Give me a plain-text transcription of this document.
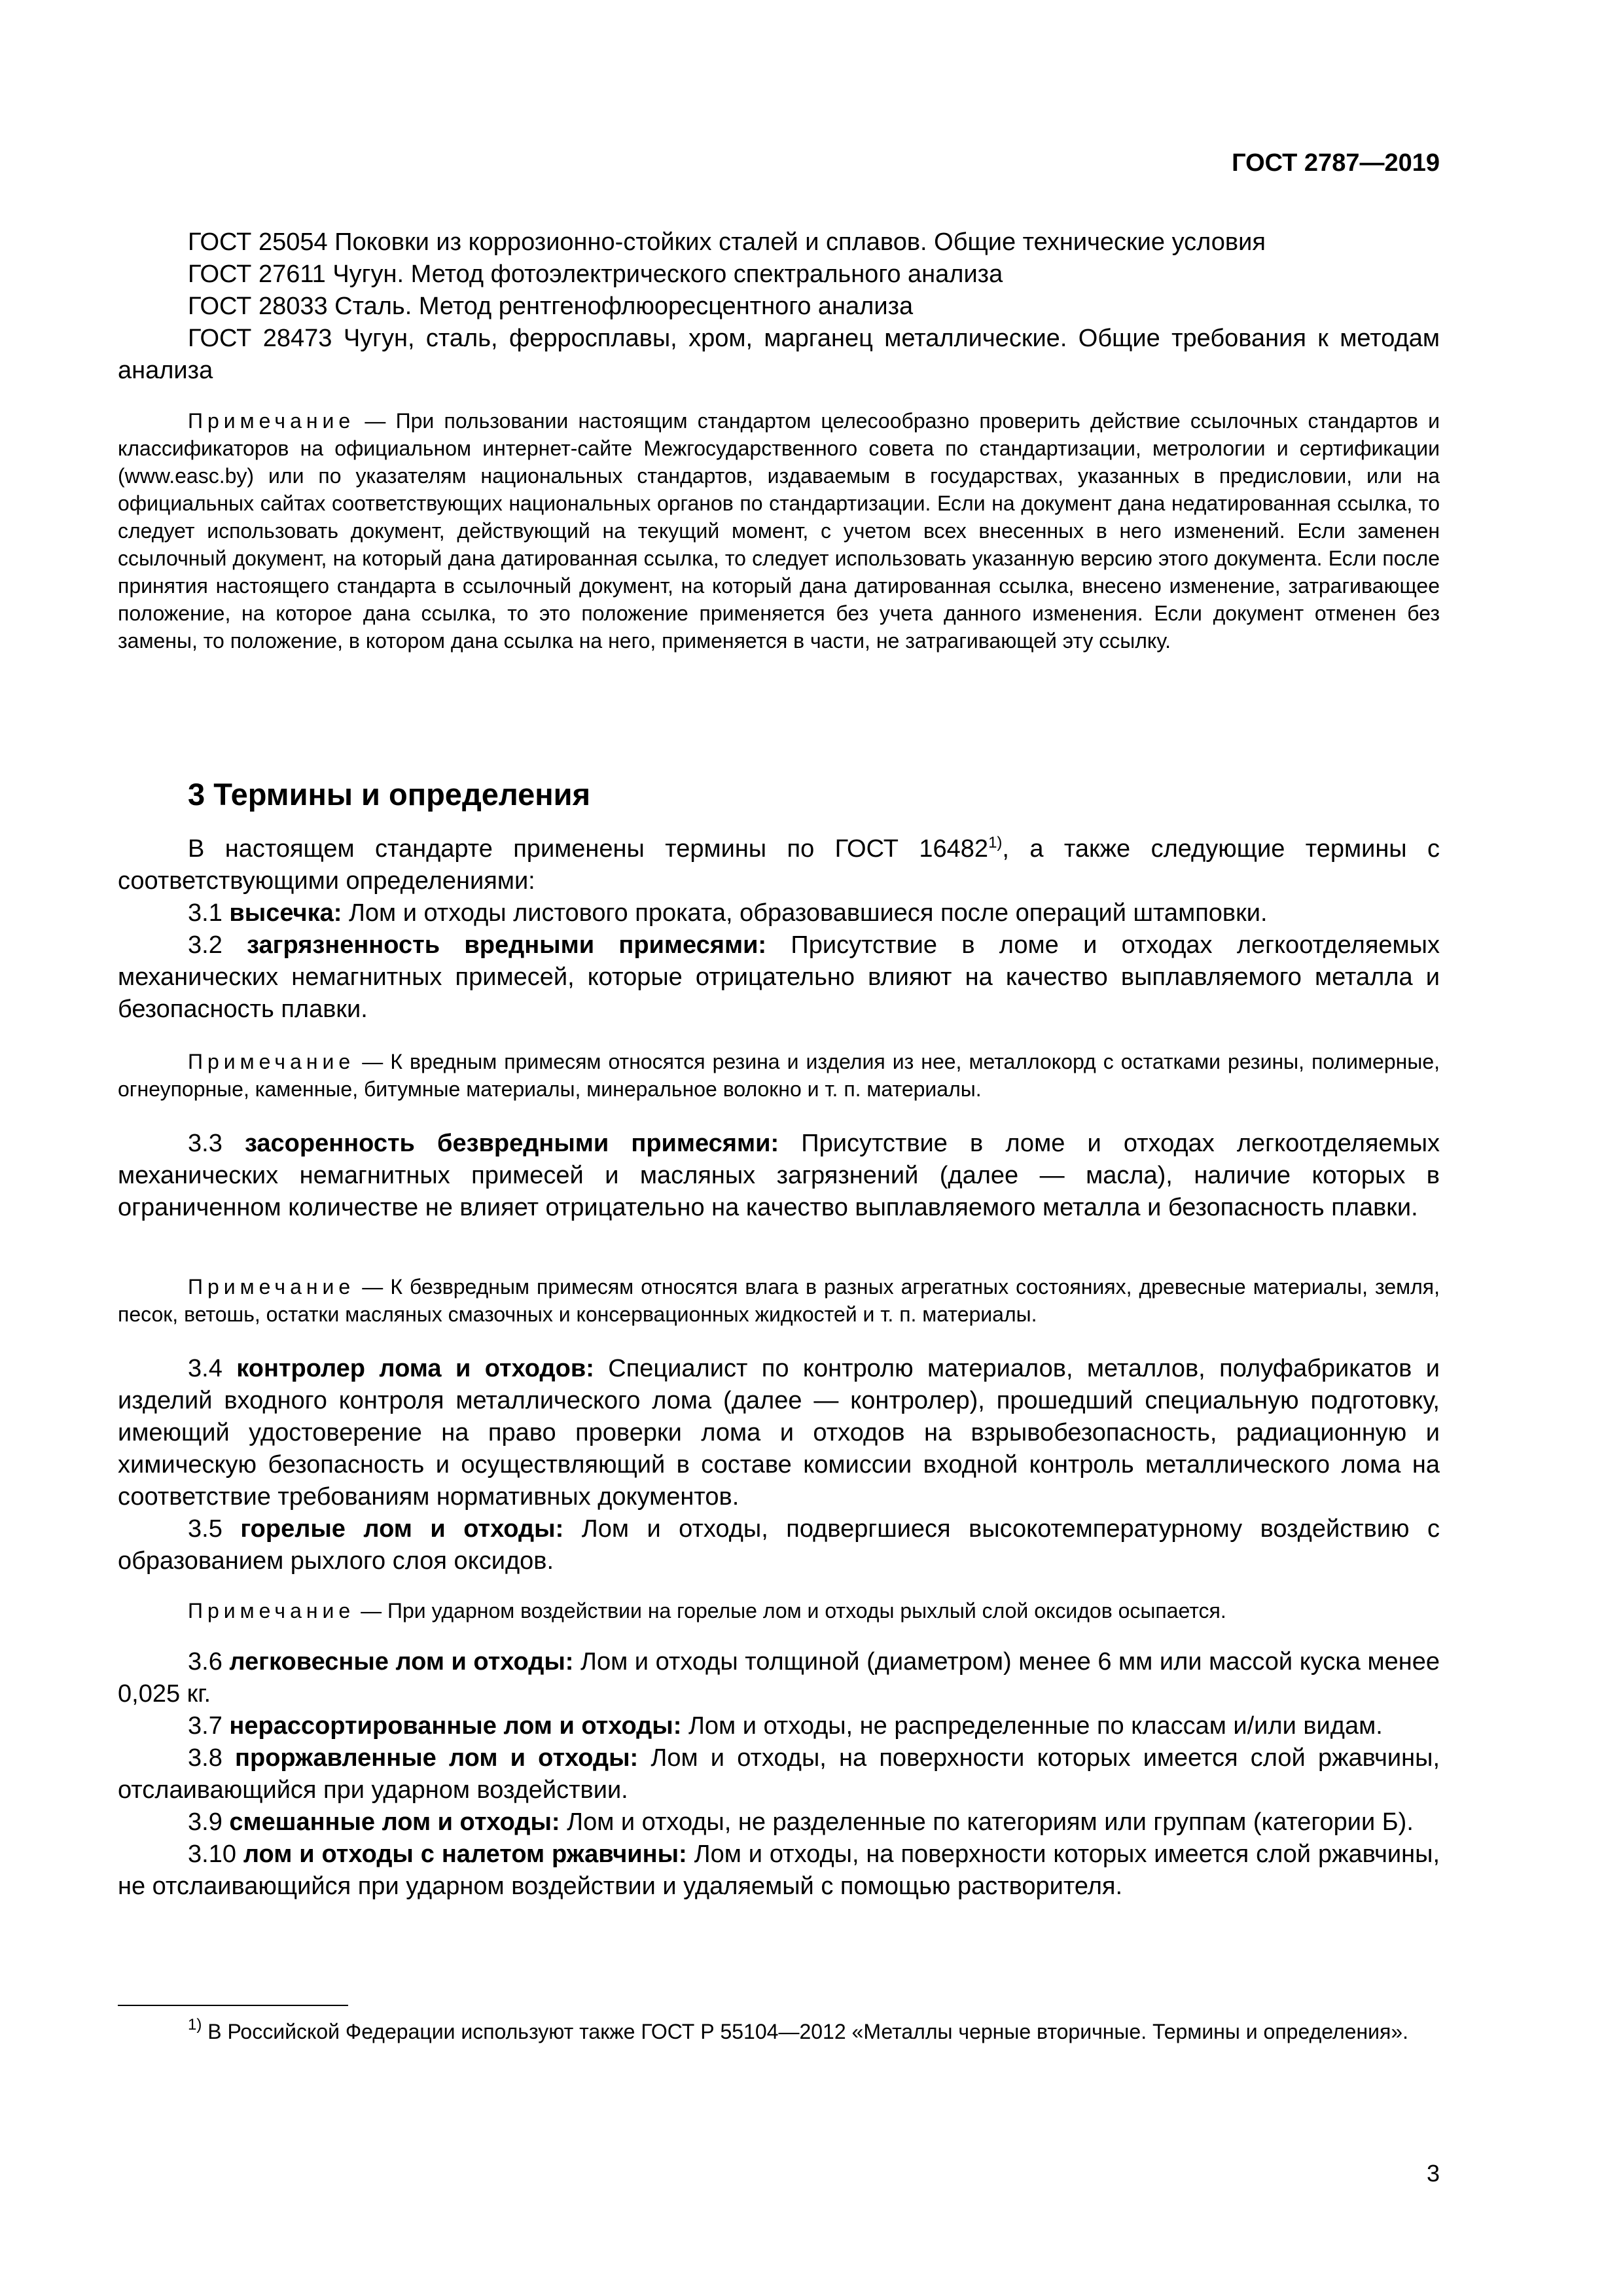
ГОСТ 2787—2019

ГОСТ 25054 Поковки из коррозионно-стойких сталей и сплавов. Общие технические условия

ГОСТ 27611 Чугун. Метод фотоэлектрического спектрального анализа

ГОСТ 28033 Сталь. Метод рентгенофлюоресцентного анализа

ГОСТ 28473 Чугун, сталь, ферросплавы, хром, марганец металлические. Общие требования к методам анализа

Примечание — При пользовании настоящим стандартом целесообразно проверить действие ссылочных стандартов и классификаторов на официальном интернет-сайте Межгосударственного совета по стандартизации, метрологии и сертификации (www.easc.by) или по указателям национальных стандартов, издаваемым в государствах, указанных в предисловии, или на официальных сайтах соответствующих национальных органов по стандартизации. Если на документ дана недатированная ссылка, то следует использовать документ, действующий на текущий момент, с учетом всех внесенных в него изменений. Если заменен ссылочный документ, на который дана датированная ссылка, то следует использовать указанную версию этого документа. Если после принятия настоящего стандарта в ссылочный документ, на который дана датированная ссылка, внесено изменение, затрагивающее положение, на которое дана ссылка, то это положение применяется без учета данного изменения. Если документ отменен без замены, то положение, в котором дана ссылка на него, применяется в части, не затрагивающей эту ссылку.

3 Термины и определения

В настоящем стандарте применены термины по ГОСТ 16482$^{1)}$, а также следующие термины с соответствующими определениями:

3.1 высечка: Лом и отходы листового проката, образовавшиеся после операций штамповки.

3.2 загрязненность вредными примесями: Присутствие в ломе и отходах легкоотделяемых механических немагнитных примесей, которые отрицательно влияют на качество выплавляемого металла и безопасность плавки.

Примечание — К вредным примесям относятся резина и изделия из нее, металлокорд с остатками резины, полимерные, огнеупорные, каменные, битумные материалы, минеральное волокно и т. п. материалы.

3.3 засоренность безвредными примесями: Присутствие в ломе и отходах легкоотделяемых механических немагнитных примесей и масляных загрязнений (далее — масла), наличие которых в ограниченном количестве не влияет отрицательно на качество выплавляемого металла и безопасность плавки.

Примечание — К безвредным примесям относятся влага в разных агрегатных состояниях, древесные материалы, земля, песок, ветошь, остатки масляных смазочных и консервационных жидкостей и т. п. материалы.

3.4 контролер лома и отходов: Специалист по контролю материалов, металлов, полуфабрикатов и изделий входного контроля металлического лома (далее — контролер), прошедший специальную подготовку, имеющий удостоверение на право проверки лома и отходов на взрывобезопасность, радиационную и химическую безопасность и осуществляющий в составе комиссии входной контроль металлического лома на соответствие требованиям нормативных документов.

3.5 горелые лом и отходы: Лом и отходы, подвергшиеся высокотемпературному воздействию с образованием рыхлого слоя оксидов.

Примечание — При ударном воздействии на горелые лом и отходы рыхлый слой оксидов осыпается.

3.6 легковесные лом и отходы: Лом и отходы толщиной (диаметром) менее 6 мм или массой куска менее 0,025 кг.

3.7 нерассортированные лом и отходы: Лом и отходы, не распределенные по классам и/или видам.

3.8 проржавленные лом и отходы: Лом и отходы, на поверхности которых имеется слой ржавчины, отслаивающийся при ударном воздействии.

3.9 смешанные лом и отходы: Лом и отходы, не разделенные по категориям или группам (категории Б).

3.10 лом и отходы с налетом ржавчины: Лом и отходы, на поверхности которых имеется слой ржавчины, не отслаивающийся при ударном воздействии и удаляемый с помощью растворителя.

$^{1)}$ В Российской Федерации используют также ГОСТ Р 55104—2012 «Металлы черные вторичные. Термины и определения».

3
